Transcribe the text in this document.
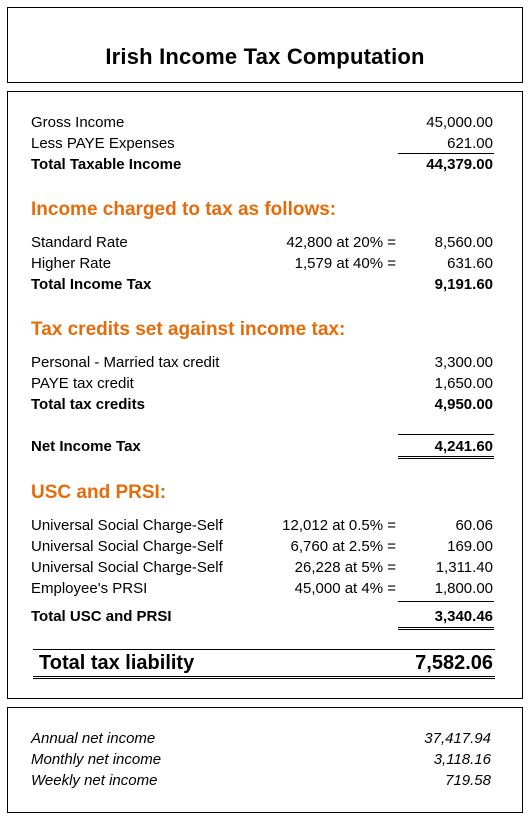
Irish Income Tax Computation
Gross Income	45,000.00
Less PAYE Expenses	621.00
Total Taxable Income	44,379.00
Income charged to tax as follows:
Standard Rate	42,800 at 20% =	8,560.00
Higher Rate	1,579 at 40% =	631.60
Total Income Tax	9,191.60
Tax credits set against income tax:
Personal - Married tax credit	3,300.00
PAYE tax credit	1,650.00
Total tax credits	4,950.00
Net Income Tax	4,241.60
USC and PRSI:
Universal Social Charge-Self	12,012 at 0.5% =	60.06
Universal Social Charge-Self	6,760 at 2.5% =	169.00
Universal Social Charge-Self	26,228 at 5% =	1,311.40
Employee's PRSI	45,000 at 4% =	1,800.00
Total USC and PRSI	3,340.46
Total tax liability	7,582.06
Annual net income	37,417.94
Monthly net income	3,118.16
Weekly net income	719.58
